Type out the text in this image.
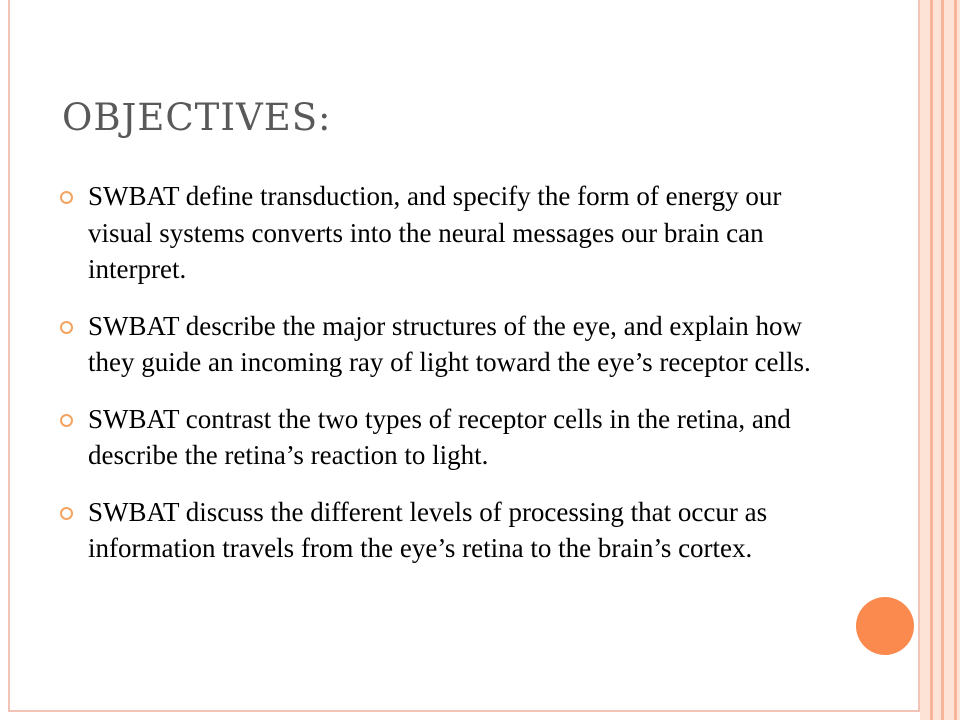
OBJECTIVES:
SWBAT define transduction, and specify the form of energy our visual systems converts into the neural messages our brain can interpret.
SWBAT describe the major structures of the eye, and explain how they guide an incoming ray of light toward the eye’s receptor cells.
SWBAT contrast the two types of receptor cells in the retina, and describe the retina’s reaction to light.
SWBAT discuss the different levels of processing that occur as information travels from the eye’s retina to the brain’s cortex.
